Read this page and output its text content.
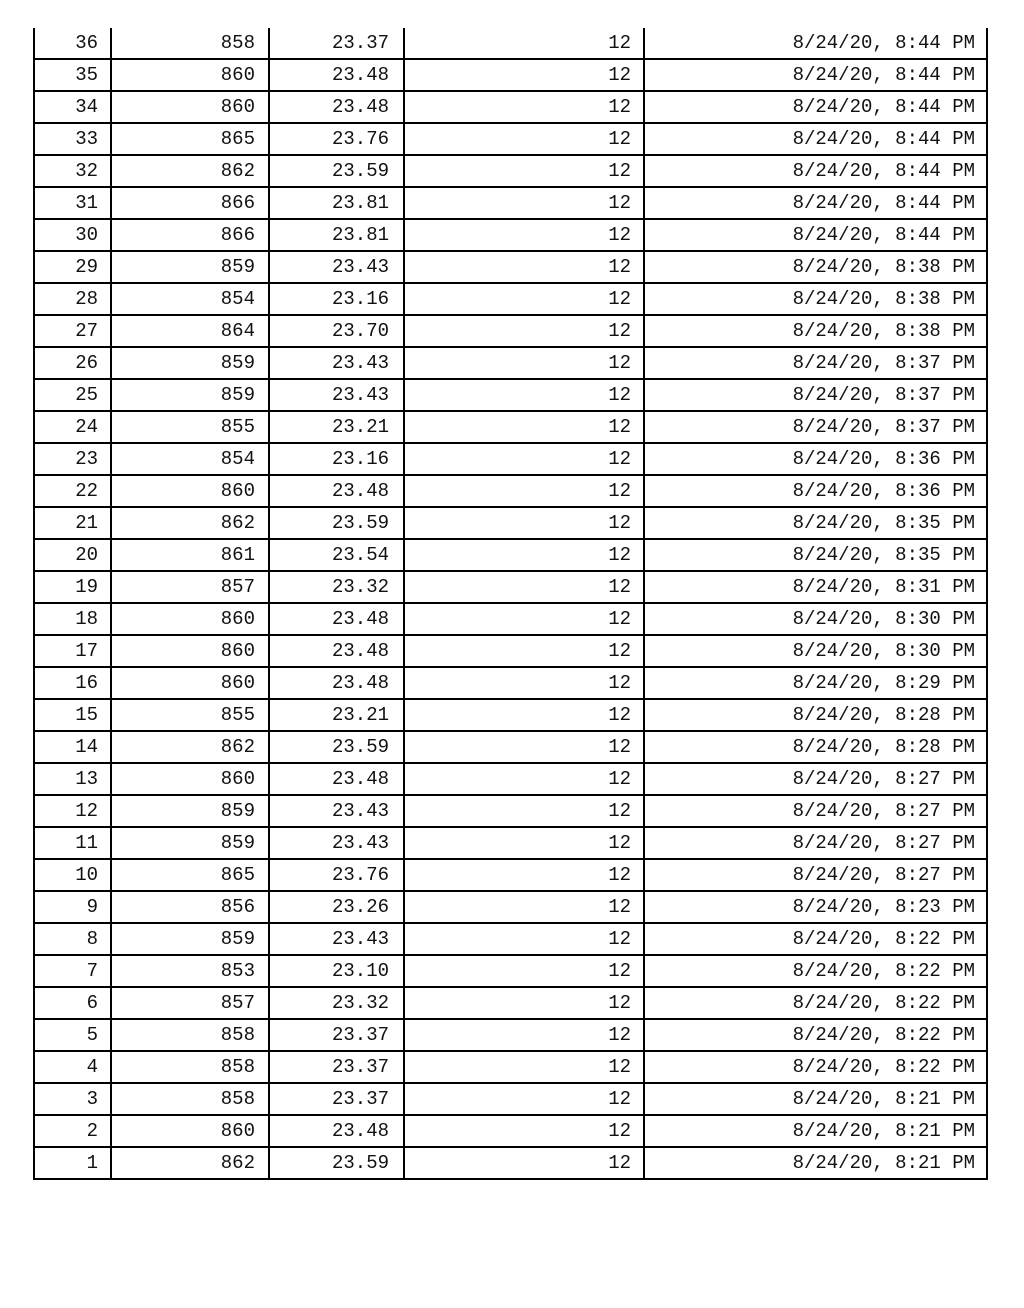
36	858	23.37	12	8/24/20, 8:44 PM
35	860	23.48	12	8/24/20, 8:44 PM
34	860	23.48	12	8/24/20, 8:44 PM
33	865	23.76	12	8/24/20, 8:44 PM
32	862	23.59	12	8/24/20, 8:44 PM
31	866	23.81	12	8/24/20, 8:44 PM
30	866	23.81	12	8/24/20, 8:44 PM
29	859	23.43	12	8/24/20, 8:38 PM
28	854	23.16	12	8/24/20, 8:38 PM
27	864	23.70	12	8/24/20, 8:38 PM
26	859	23.43	12	8/24/20, 8:37 PM
25	859	23.43	12	8/24/20, 8:37 PM
24	855	23.21	12	8/24/20, 8:37 PM
23	854	23.16	12	8/24/20, 8:36 PM
22	860	23.48	12	8/24/20, 8:36 PM
21	862	23.59	12	8/24/20, 8:35 PM
20	861	23.54	12	8/24/20, 8:35 PM
19	857	23.32	12	8/24/20, 8:31 PM
18	860	23.48	12	8/24/20, 8:30 PM
17	860	23.48	12	8/24/20, 8:30 PM
16	860	23.48	12	8/24/20, 8:29 PM
15	855	23.21	12	8/24/20, 8:28 PM
14	862	23.59	12	8/24/20, 8:28 PM
13	860	23.48	12	8/24/20, 8:27 PM
12	859	23.43	12	8/24/20, 8:27 PM
11	859	23.43	12	8/24/20, 8:27 PM
10	865	23.76	12	8/24/20, 8:27 PM
9	856	23.26	12	8/24/20, 8:23 PM
8	859	23.43	12	8/24/20, 8:22 PM
7	853	23.10	12	8/24/20, 8:22 PM
6	857	23.32	12	8/24/20, 8:22 PM
5	858	23.37	12	8/24/20, 8:22 PM
4	858	23.37	12	8/24/20, 8:22 PM
3	858	23.37	12	8/24/20, 8:21 PM
2	860	23.48	12	8/24/20, 8:21 PM
1	862	23.59	12	8/24/20, 8:21 PM
